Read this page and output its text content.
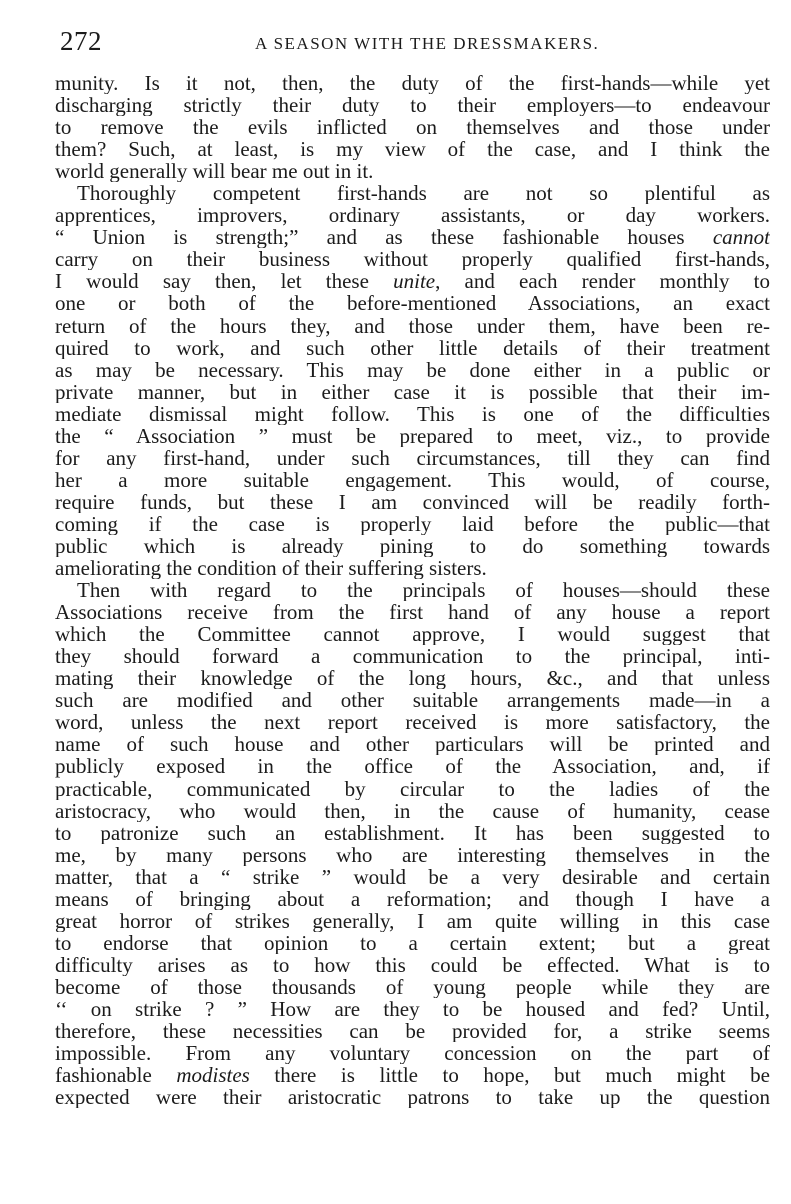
272	A SEASON WITH THE DRESSMAKERS.
munity. Is it not, then, the duty of the first-hands—while yet
discharging strictly their duty to their employers—to endeavour
to remove the evils inflicted on themselves and those under
them? Such, at least, is my view of the case, and I think the
world generally will bear me out in it.
Thoroughly competent first-hands are not so plentiful as
apprentices, improvers, ordinary assistants, or day workers.
“ Union is strength;” and as these fashionable houses cannot
carry on their business without properly qualified first-hands,
I would say then, let these unite, and each render monthly to
one or both of the before-mentioned Associations, an exact
return of the hours they, and those under them, have been re-
quired to work, and such other little details of their treatment
as may be necessary. This may be done either in a public or
private manner, but in either case it is possible that their im-
mediate dismissal might follow. This is one of the difficulties
the “ Association ” must be prepared to meet, viz., to provide
for any first-hand, under such circumstances, till they can find
her a more suitable engagement. This would, of course,
require funds, but these I am convinced will be readily forth-
coming if the case is properly laid before the public—that
public which is already pining to do something towards
ameliorating the condition of their suffering sisters.
Then with regard to the principals of houses—should these
Associations receive from the first hand of any house a report
which the Committee cannot approve, I would suggest that
they should forward a communication to the principal, inti-
mating their knowledge of the long hours, &c., and that unless
such are modified and other suitable arrangements made—in a
word, unless the next report received is more satisfactory, the
name of such house and other particulars will be printed and
publicly exposed in the office of the Association, and, if
practicable, communicated by circular to the ladies of the
aristocracy, who would then, in the cause of humanity, cease
to patronize such an establishment. It has been suggested to
me, by many persons who are interesting themselves in the
matter, that a “ strike ” would be a very desirable and certain
means of bringing about a reformation; and though I have a
great horror of strikes generally, I am quite willing in this case
to endorse that opinion to a certain extent; but a great
difficulty arises as to how this could be effected. What is to
become of those thousands of young people while they are
‘‘ on strike ? ” How are they to be housed and fed? Until,
therefore, these necessities can be provided for, a strike seems
impossible. From any voluntary concession on the part of
fashionable modistes there is little to hope, but much might be
expected were their aristocratic patrons to take up the question
